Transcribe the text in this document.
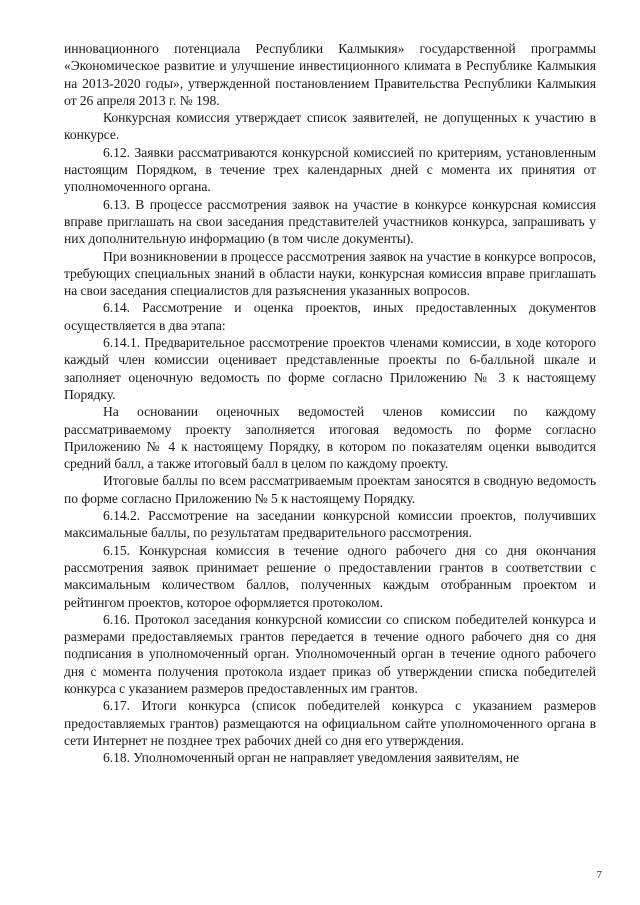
инновационного потенциала Республики Калмыкия» государственной программы «Экономическое развитие и улучшение инвестиционного климата в Республике Калмыкия на 2013-2020 годы», утвержденной постановлением Правительства Республики Калмыкия от 26 апреля 2013 г. № 198.

Конкурсная комиссия утверждает список заявителей, не допущенных к участию в конкурсе.

6.12. Заявки рассматриваются конкурсной комиссией по критериям, установленным настоящим Порядком, в течение трех календарных дней с момента их принятия от уполномоченного органа.

6.13. В процессе рассмотрения заявок на участие в конкурсе конкурсная комиссия вправе приглашать на свои заседания представителей участников конкурса, запрашивать у них дополнительную информацию (в том числе документы).

При возникновении в процессе рассмотрения заявок на участие в конкурсе вопросов, требующих специальных знаний в области науки, конкурсная комиссия вправе приглашать на свои заседания специалистов для разъяснения указанных вопросов.

6.14. Рассмотрение и оценка проектов, иных предоставленных документов осуществляется в два этапа:

6.14.1. Предварительное рассмотрение проектов членами комиссии, в ходе которого каждый член комиссии оценивает представленные проекты по 6-балльной шкале и заполняет оценочную ведомость по форме согласно Приложению № 3 к настоящему Порядку.

На основании оценочных ведомостей членов комиссии по каждому рассматриваемому проекту заполняется итоговая ведомость по форме согласно Приложению № 4 к настоящему Порядку, в котором по показателям оценки выводится средний балл, а также итоговый балл в целом по каждому проекту.

Итоговые баллы по всем рассматриваемым проектам заносятся в сводную ведомость по форме согласно Приложению № 5 к настоящему Порядку.

6.14.2. Рассмотрение на заседании конкурсной комиссии проектов, получивших максимальные баллы, по результатам предварительного рассмотрения.

6.15. Конкурсная комиссия в течение одного рабочего дня со дня окончания рассмотрения заявок принимает решение о предоставлении грантов в соответствии с максимальным количеством баллов, полученных каждым отобранным проектом и рейтингом проектов, которое оформляется протоколом.

6.16. Протокол заседания конкурсной комиссии со списком победителей конкурса и размерами предоставляемых грантов передается в течение одного рабочего дня со дня подписания в уполномоченный орган. Уполномоченный орган в течение одного рабочего дня с момента получения протокола издает приказ об утверждении списка победителей конкурса с указанием размеров предоставленных им грантов.

6.17. Итоги конкурса (список победителей конкурса с указанием размеров предоставляемых грантов) размещаются на официальном сайте уполномоченного органа в сети Интернет не позднее трех рабочих дней со дня его утверждения.

6.18. Уполномоченный орган не направляет уведомления заявителям, не

7
